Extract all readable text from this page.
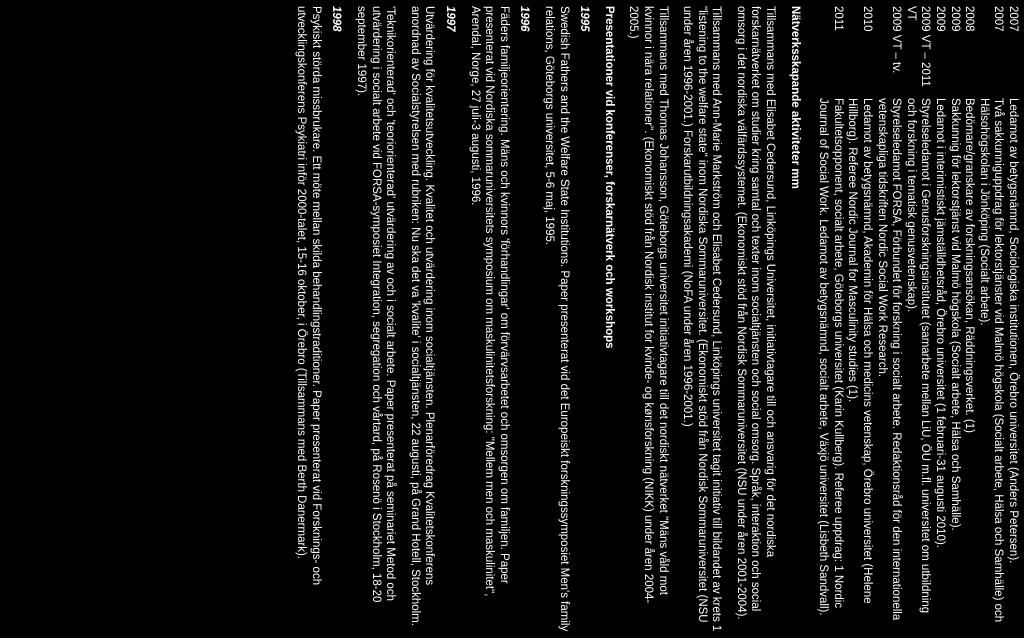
2007
Ledamot av betygsnämnd, Sociologiska institutionen, Örebro universitet (Anders Petersen).
2007
Två sakkunniguppdrag för lektorstjänster vid Malmö högskola (Socialt arbete, Hälsa och Samhälle) och Hälsohögskolan i Jönköping (Socialt arbete).
2008
Bedömare/granskare av forskningsansökan, Räddningsverket. (1)
2009
Sakkunnig för lektorstjänst vid Malmö högskola (Socialt arbete, Hälsa och Samhälle).
2009
Ledamot i interimistiskt jämställdhetsråd, Örebro universitet (1 februari-31 augusti 2010).
2009 VT – 2011 VT
Styrelseledamot i Genusforskningsinstitutet (samarbete mellan LiU, ÖU m.fl. universitet om utbildning och forskning i tematisk genusvetenskap).
2009 VT – tv.
Styrelseledamot FORSA, Förbundet för forskning i socialt arbete. Redaktionsråd för den internationella vetenskapliga tidskriften Nordic Social Work Research.
2010
Ledamot av betygsnämnd, Akademin för Hälsa och medicins vetenskap, Örebro universitet (Helene Hillborg). Referee Nordic Journal for Masculinity studies (1).
2011
Fakultetsopponent, socialt arbete, Göteborgs universitet (Karin Kullberg). Referee uppdrag: 1 Nordic Journal of Social Work. Ledamot av betygsnämnd, socialt arbete, Växjö universitet (Lisbeth Sandvall).
Nätverksskapande aktiviteter mm
Tillsammans med Elisabet Cedersund, Linköpings Universitet, initiativtagare till och ansvarig för det nordiska forskarnätverket om studier kring samtal och texter inom socialtjänsten och social omsorg. Språk, interaktion och social omsorg i det nordiska välfärdssystemet. (Ekonomiskt stöd från Nordisk Sommaruniversitet (NSU under åren 2001-2004).
Tillsammans med Ann-Marie Markström och Elisabet Cedersund, Linköpings universitet tagit initiativ till bildandet av krets 1 "listening to the welfare state" inom Nordiska Sommaruniversitet. (Ekonomiskt stöd från Nordisk Sommaruniversitet (NSU under åren 1996-2001.) Forskarutbildningsakademi (NoFA under åren 1996-2001.)
Tillsammans med Thomas Johansson, Göteborgs universitet initiativtagare till det nordiskt nätverket "Mäns våld mot kvinnor i nära relationer". (Ekonomiskt stöd från Nordisk institut for kvinde- og kønsforskning (NIKK) under åren 2004-2005.)
Presentationer vid konferenser, forskarnätverk och workshops
1995
Swedish Fathers and the Welfare State Institutions. Paper presenterat vid det Europeiskt forskningssymposiet Men's family relations, Göteborgs universitet, 5-6 maj, 1995.
1996
Fäders familjeorientering. Mäns och kvinnors 'förhandlingar' om förvärvsarbetet och omsorgen om familjen. Paper presenterat vid Nordiska sommaruniversitets symposium om maskulinitetsforskning: "Mellem men och maskulinitet", Arendal, Norge, 27 juli-3 augusti, 1996.
1997
Utvärdering för kvalitetsutveckling. Kvalitet och utvärdering inom socialtjänsten. Plenarföredrag Kvalitetskonferens anordnad av Socialstyrelsen med rubriken: Nu ska det va 'kvalite' i socialtjänsten, 22 augusti, på Grand Hotell, Stockholm.
'Teknikorienterad' och 'teoriorienterad' utvärdering av och i socialt arbete. Paper presenterat på seminariet Metod och utvärdering i socialt arbete vid FORSA-symposiet Integration, segregation och vårtard, på Rosenö i Stockholm, 18-20 september 1997).
1998
Psykiskt störda missbrukare. Ett möte mellan skilda behandlingstraditioner. Paper presenterat vid Forsknings- och utvecklingskonferens Psykiatri inför 2000-talet, 15-16 oktober, i Örebro (Tillsammans med Berth Danermark).
